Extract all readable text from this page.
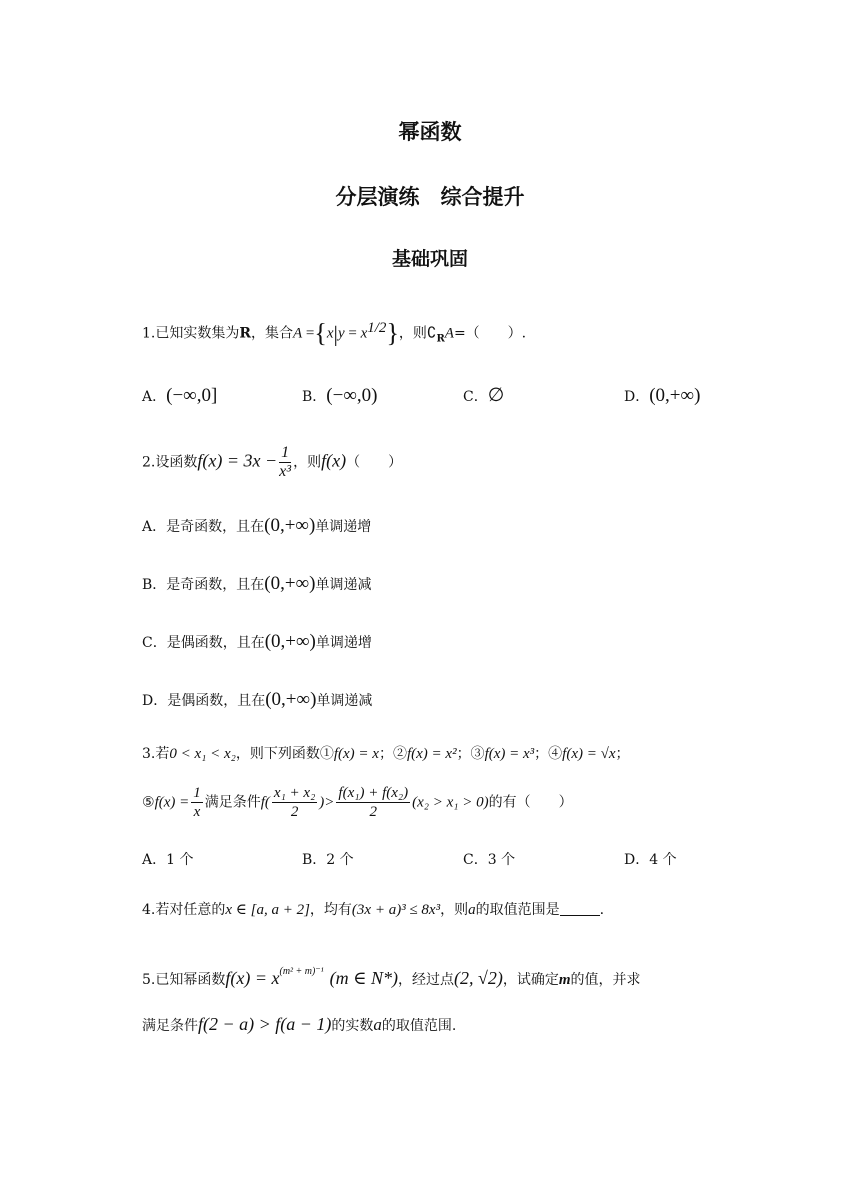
幂函数
分层演练　综合提升
基础巩固
1.已知实数集为R，集合$A =\{x|y = x^{1/2}\}$，则$∁_RA=$（　　）.
A．(−∞,0]	B．(−∞,0)	C．∅	D．(0,+∞)
2.设函数$f(x) = 3x - \frac{1}{\text{x³}}$ ，则f(x)（　　）
A．是奇函数，且在(0,+∞)单调递增
B．是奇函数，且在(0,+∞)单调递减
C．是偶函数，且在(0,+∞)单调递增
D．是偶函数，且在(0,+∞)单调递减
3.若0 < x₁ < x₂，则下列函数①f(x) = x；②f(x) = x²；③f(x) = x³；④f(x) = √x；
⑤f(x) = $\frac{1}{x}$ 满足条件$f( \frac{\text{x₁ + x₂}}{2}$ )> $\frac{\text{f(x₁) + f(x₂)}}{2} (x_2 > x_1 > 0)$的有（　　）
A．1 个	B．2 个	C．3 个	D．4 个
4.若对任意的x ∈ [a, a + 2]，均有(3x + a)³ ≤ 8x³，则a的取值范围是	.
5.已知幂函数$f(x) = x^{(m^2 + m)^{-1}}$ (m ∈ N*)，经过点(2, √2)，试确定m的值，并求
满足条件f(2 − a) > f(a − 1)的实数a的取值范围.
